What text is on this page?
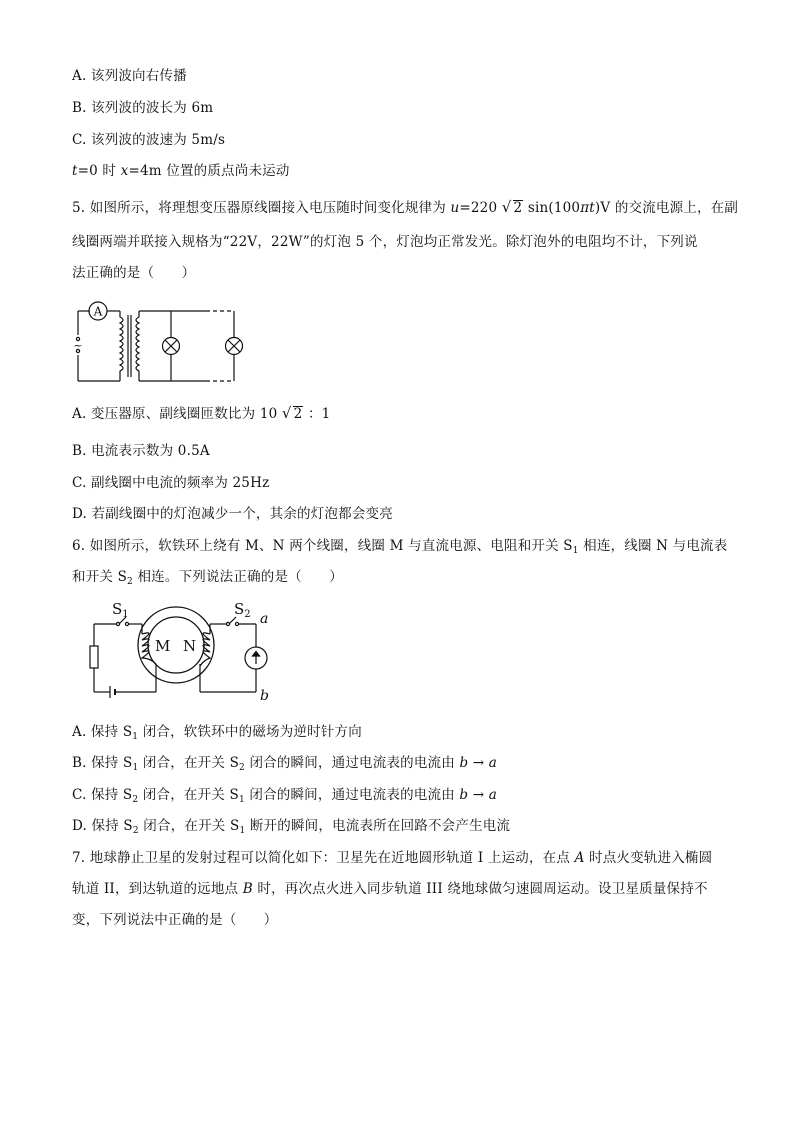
A. 该列波向右传播
B. 该列波的波长为 6m
C. 该列波的波速为 5m/s
t=0 时 x=4m 位置的质点尚未运动
5. 如图所示，将理想变压器原线圈接入电压随时间变化规律为 u=220 √ 2 sin(100πt)V 的交流电源上，在副
线圈两端并联接入规格为“22V，22W”的灯泡 5 个，灯泡均正常发光。除灯泡外的电阻均不计，下列说
法正确的是（　　）
A
~
A. 变压器原、副线圈匝数比为 10 √ 2 ：1
B. 电流表示数为 0.5A
C. 副线圈中电流的频率为 25Hz
D. 若副线圈中的灯泡减少一个，其余的灯泡都会变亮
6. 如图所示，软铁环上绕有 M、N 两个线圈，线圈 M 与直流电源、电阻和开关 $S_1$ 相连，线圈 N 与电流表
和开关 $S_2$ 相连。下列说法正确的是（　　）
$S_1$	$S_2$
M N
a
b
A. 保持 $S_1$ 闭合，软铁环中的磁场为逆时针方向
B. 保持 $S_1$ 闭合，在开关 $S_2$ 闭合的瞬间，通过电流表的电流由 b → a
C. 保持 $S_2$ 闭合，在开关 $S_1$ 闭合的瞬间，通过电流表的电流由 b → a
D. 保持 $S_2$ 闭合，在开关 $S_1$ 断开的瞬间，电流表所在回路不会产生电流
7. 地球静止卫星的发射过程可以简化如下：卫星先在近地圆形轨道 I 上运动，在点 A 时点火变轨进入椭圆
轨道 II，到达轨道的远地点 B 时，再次点火进入同步轨道 III 绕地球做匀速圆周运动。设卫星质量保持不
变，下列说法中正确的是（　　）
